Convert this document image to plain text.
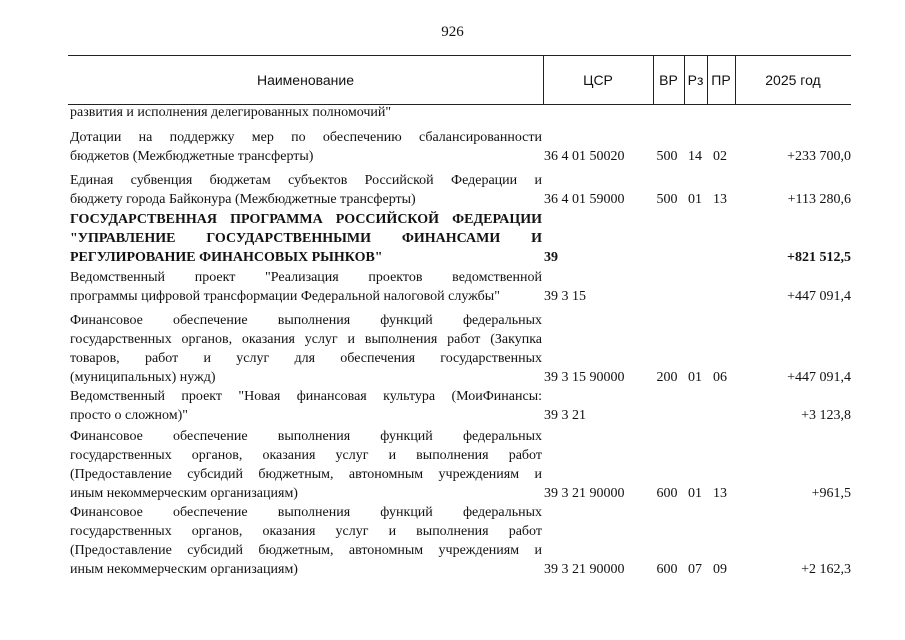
926
Наименование	ЦСР	ВР Рз ПР	2025 год
развития и исполнения делегированных полномочий"
Дотации на поддержку мер по обеспечению сбалансированности
бюджетов (Межбюджетные трансферты)	36 4 01 50020	500 14 02	+233 700,0
Единая субвенция бюджетам субъектов Российской Федерации и
бюджету города Байконура (Межбюджетные трансферты)	36 4 01 59000	500 01 13	+113 280,6
ГОСУДАРСТВЕННАЯ ПРОГРАММА РОССИЙСКОЙ ФЕДЕРАЦИИ
"УПРАВЛЕНИЕ ГОСУДАРСТВЕННЫМИ ФИНАНСАМИ И
РЕГУЛИРОВАНИЕ ФИНАНСОВЫХ РЫНКОВ"	39	+821 512,5
Ведомственный проект "Реализация проектов ведомственной
программы цифровой трансформации Федеральной налоговой службы"	39 3 15	+447 091,4
Финансовое обеспечение выполнения функций федеральных
государственных органов, оказания услуг и выполнения работ (Закупка
товаров, работ и услуг для обеспечения государственных
(муниципальных) нужд)	39 3 15 90000	200 01 06	+447 091,4
Ведомственный проект "Новая финансовая культура (МоиФинансы:
просто о сложном)"	39 3 21	+3 123,8
Финансовое обеспечение выполнения функций федеральных
государственных органов, оказания услуг и выполнения работ
(Предоставление субсидий бюджетным, автономным учреждениям и
иным некоммерческим организациям)	39 3 21 90000	600 01 13	+961,5
Финансовое обеспечение выполнения функций федеральных
государственных органов, оказания услуг и выполнения работ
(Предоставление субсидий бюджетным, автономным учреждениям и
иным некоммерческим организациям)	39 3 21 90000	600 07 09	+2 162,3
